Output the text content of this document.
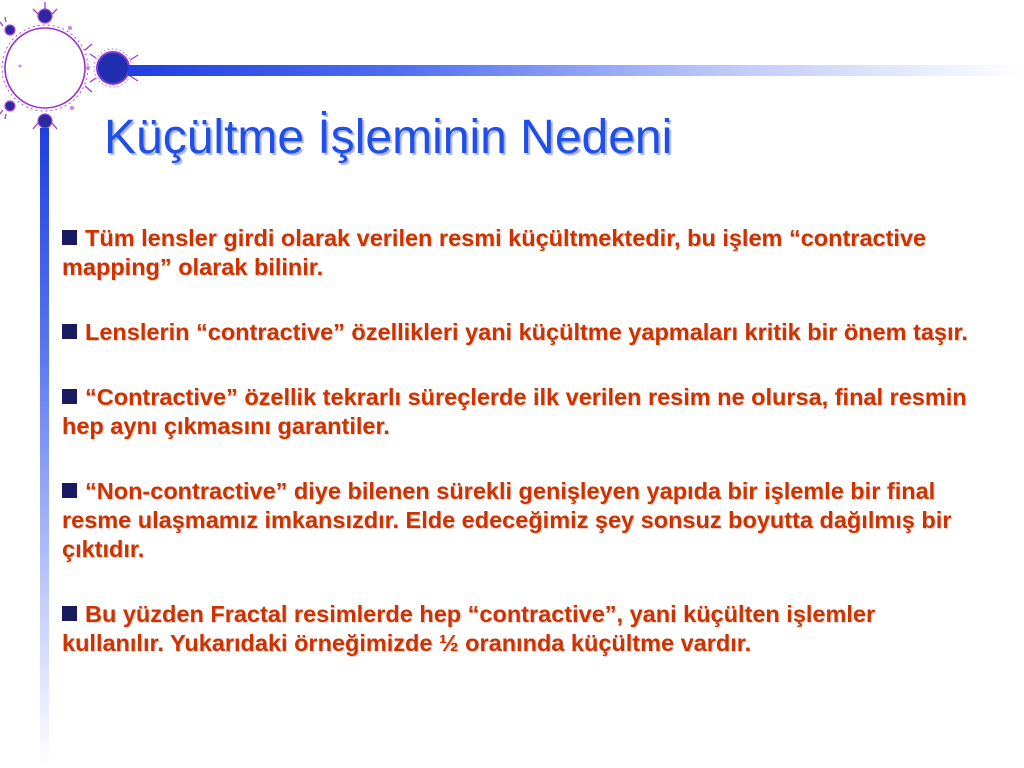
Küçültme İşleminin Nedeni
Tüm lensler girdi olarak verilen resmi küçültmektedir, bu işlem “contractive mapping” olarak bilinir.
Lenslerin “contractive” özellikleri yani küçültme yapmaları kritik bir önem taşır.
“Contractive” özellik tekrarlı süreçlerde ilk verilen resim ne olursa, final resmin hep aynı çıkmasını garantiler.
“Non-contractive” diye bilenen sürekli genişleyen yapıda bir işlemle bir final resme ulaşmamız imkansızdır. Elde edeceğimiz şey sonsuz boyutta dağılmış bir çıktıdır.
Bu yüzden Fractal resimlerde hep “contractive”, yani küçülten işlemler kullanılır. Yukarıdaki örneğimizde ½ oranında küçültme vardır.
